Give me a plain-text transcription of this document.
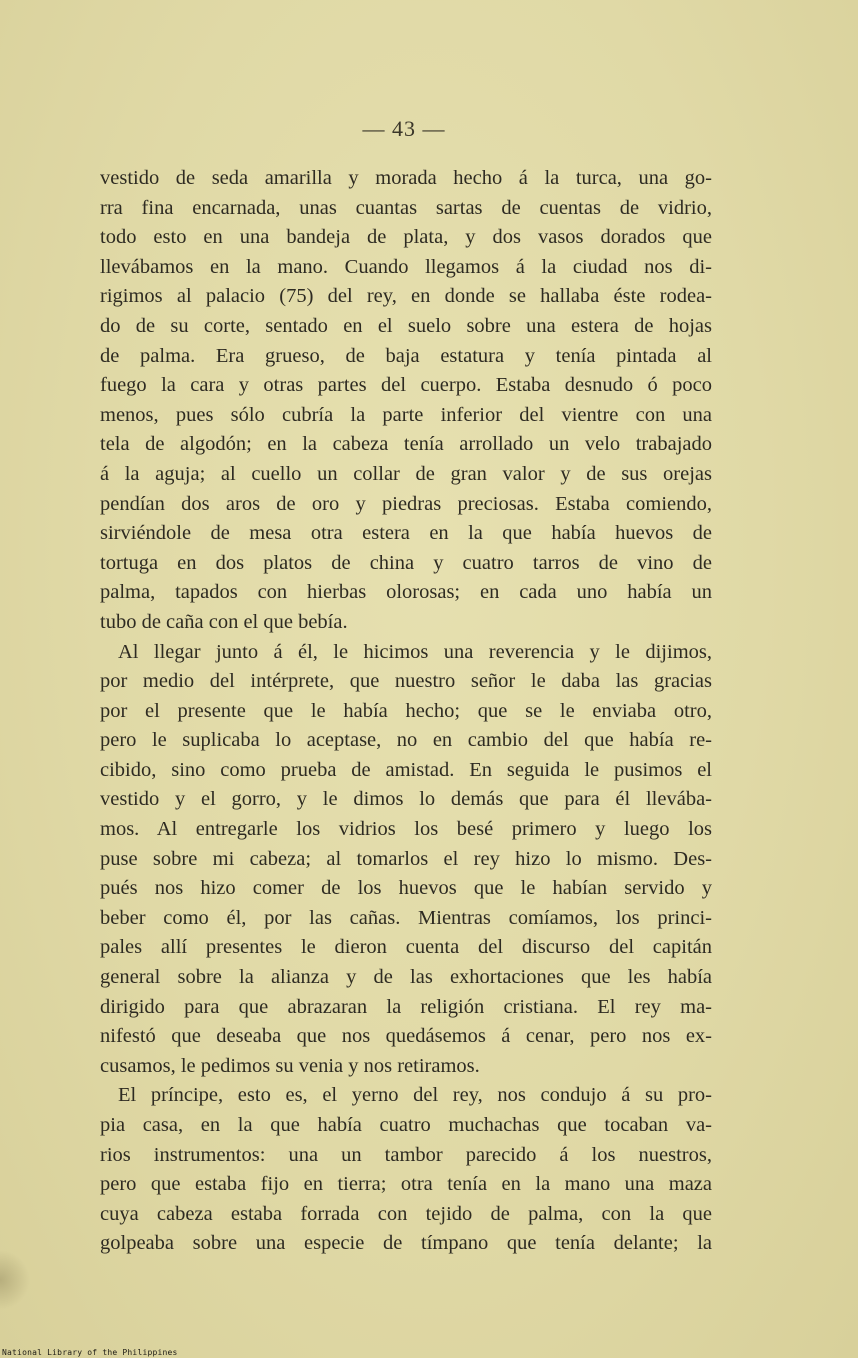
— 43 —
vestido de seda amarilla y morada hecho á la turca, una go-
rra fina encarnada, unas cuantas sartas de cuentas de vidrio,
todo esto en una bandeja de plata, y dos vasos dorados que
llevábamos en la mano. Cuando llegamos á la ciudad nos di-
rigimos al palacio (75) del rey, en donde se hallaba éste rodea-
do de su corte, sentado en el suelo sobre una estera de hojas
de palma. Era grueso, de baja estatura y tenía pintada al
fuego la cara y otras partes del cuerpo. Estaba desnudo ó poco
menos, pues sólo cubría la parte inferior del vientre con una
tela de algodón; en la cabeza tenía arrollado un velo trabajado
á la aguja; al cuello un collar de gran valor y de sus orejas
pendían dos aros de oro y piedras preciosas. Estaba comiendo,
sirviéndole de mesa otra estera en la que había huevos de
tortuga en dos platos de china y cuatro tarros de vino de
palma, tapados con hierbas olorosas; en cada uno había un
tubo de caña con el que bebía.
Al llegar junto á él, le hicimos una reverencia y le dijimos,
por medio del intérprete, que nuestro señor le daba las gracias
por el presente que le había hecho; que se le enviaba otro,
pero le suplicaba lo aceptase, no en cambio del que había re-
cibido, sino como prueba de amistad. En seguida le pusimos el
vestido y el gorro, y le dimos lo demás que para él llevába-
mos. Al entregarle los vidrios los besé primero y luego los
puse sobre mi cabeza; al tomarlos el rey hizo lo mismo. Des-
pués nos hizo comer de los huevos que le habían servido y
beber como él, por las cañas. Mientras comíamos, los princi-
pales allí presentes le dieron cuenta del discurso del capitán
general sobre la alianza y de las exhortaciones que les había
dirigido para que abrazaran la religión cristiana. El rey ma-
nifestó que deseaba que nos quedásemos á cenar, pero nos ex-
cusamos, le pedimos su venia y nos retiramos.
El príncipe, esto es, el yerno del rey, nos condujo á su pro-
pia casa, en la que había cuatro muchachas que tocaban va-
rios instrumentos: una un tambor parecido á los nuestros,
pero que estaba fijo en tierra; otra tenía en la mano una maza
cuya cabeza estaba forrada con tejido de palma, con la que
golpeaba sobre una especie de tímpano que tenía delante; la
National Library of the Philippines
